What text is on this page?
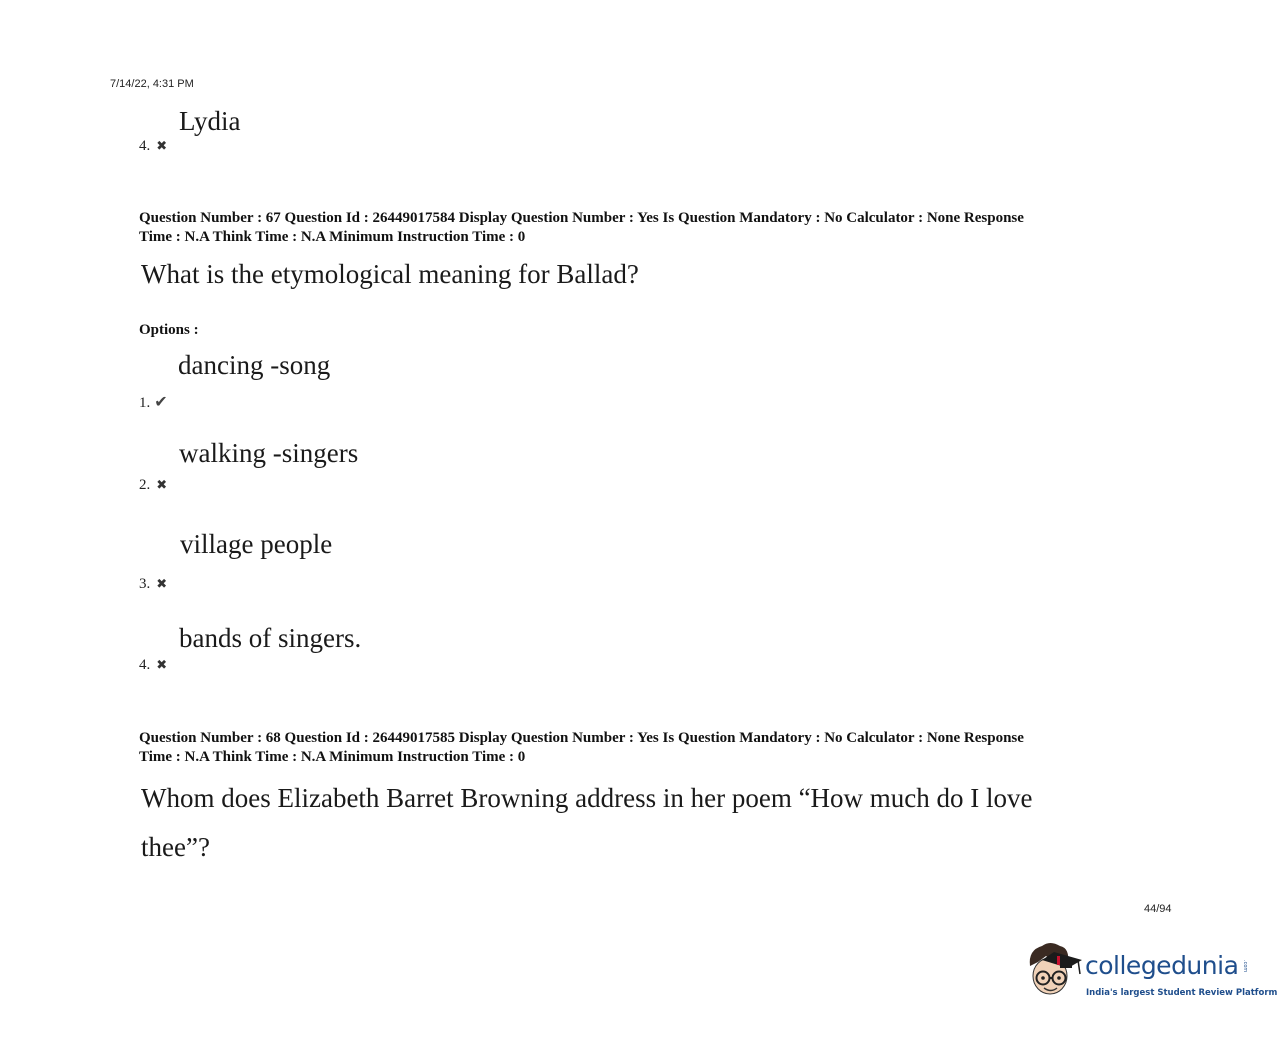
7/14/22, 4:31 PM
Lydia
4. ✖
Question Number : 67 Question Id : 26449017584 Display Question Number : Yes Is Question Mandatory : No Calculator : None Response
Time : N.A Think Time : N.A Minimum Instruction Time : 0
What is the etymological meaning for Ballad?
Options :
dancing -song
1. ✔
walking -singers
2. ✖
village people
3. ✖
bands of singers.
4. ✖
Question Number : 68 Question Id : 26449017585 Display Question Number : Yes Is Question Mandatory : No Calculator : None Response
Time : N.A Think Time : N.A Minimum Instruction Time : 0
Whom does Elizabeth Barret Browning address in her poem “How much do I love
thee”?
44/94
collegedunia .com
India's largest Student Review Platform
